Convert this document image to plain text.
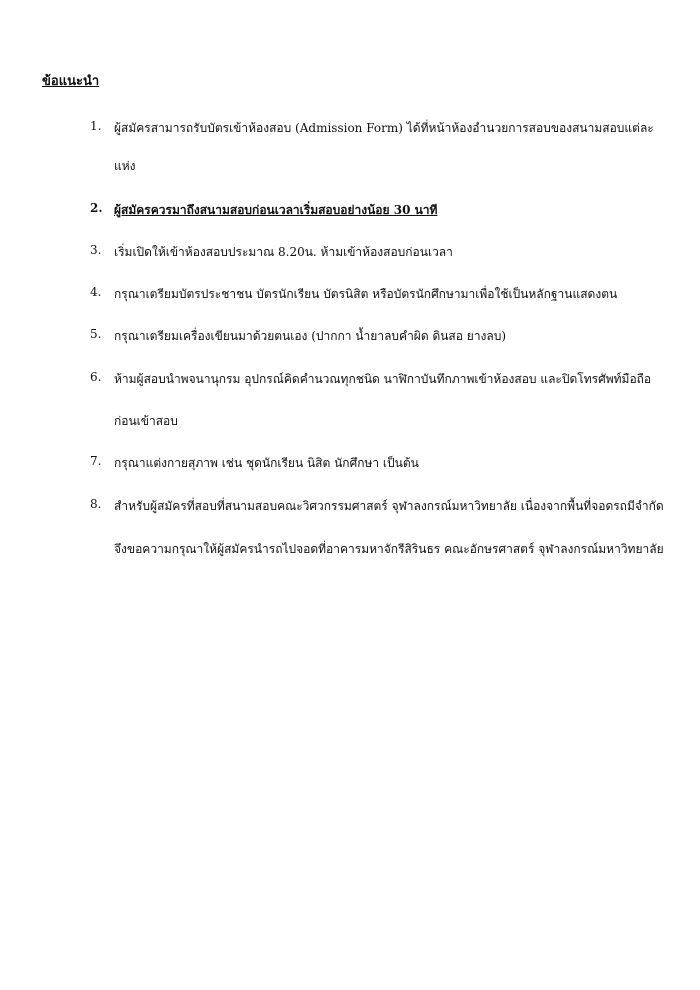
ข้อแนะนำ
1. ผู้สมัครสามารถรับบัตรเข้าห้องสอบ (Admission Form) ได้ที่หน้าห้องอำนวยการสอบของสนามสอบแต่ละ
แห่ง
2. ผู้สมัครควรมาถึงสนามสอบก่อนเวลาเริ่มสอบอย่างน้อย 30 นาที
3. เริ่มเปิดให้เข้าห้องสอบประมาณ 8.20น. ห้ามเข้าห้องสอบก่อนเวลา
4. กรุณาเตรียมบัตรประชาชน บัตรนักเรียน บัตรนิสิต หรือบัตรนักศึกษามาเพื่อใช้เป็นหลักฐานแสดงตน
5. กรุณาเตรียมเครื่องเขียนมาด้วยตนเอง (ปากกา น้ำยาลบคำผิด ดินสอ ยางลบ)
6. ห้ามผู้สอบนำพจนานุกรม อุปกรณ์คิดคำนวณทุกชนิด นาฬิกาบันทึกภาพเข้าห้องสอบ และปิดโทรศัพท์มือถือ
ก่อนเข้าสอบ
7. กรุณาแต่งกายสุภาพ เช่น ชุดนักเรียน นิสิต นักศึกษา เป็นต้น
8. สำหรับผู้สมัครที่สอบที่สนามสอบคณะวิศวกรรมศาสตร์ จุฬาลงกรณ์มหาวิทยาลัย เนื่องจากพื้นที่จอดรถมีจำกัด
จึงขอความกรุณาให้ผู้สมัครนำรถไปจอดที่อาคารมหาจักรีสิรินธร คณะอักษรศาสตร์ จุฬาลงกรณ์มหาวิทยาลัย
